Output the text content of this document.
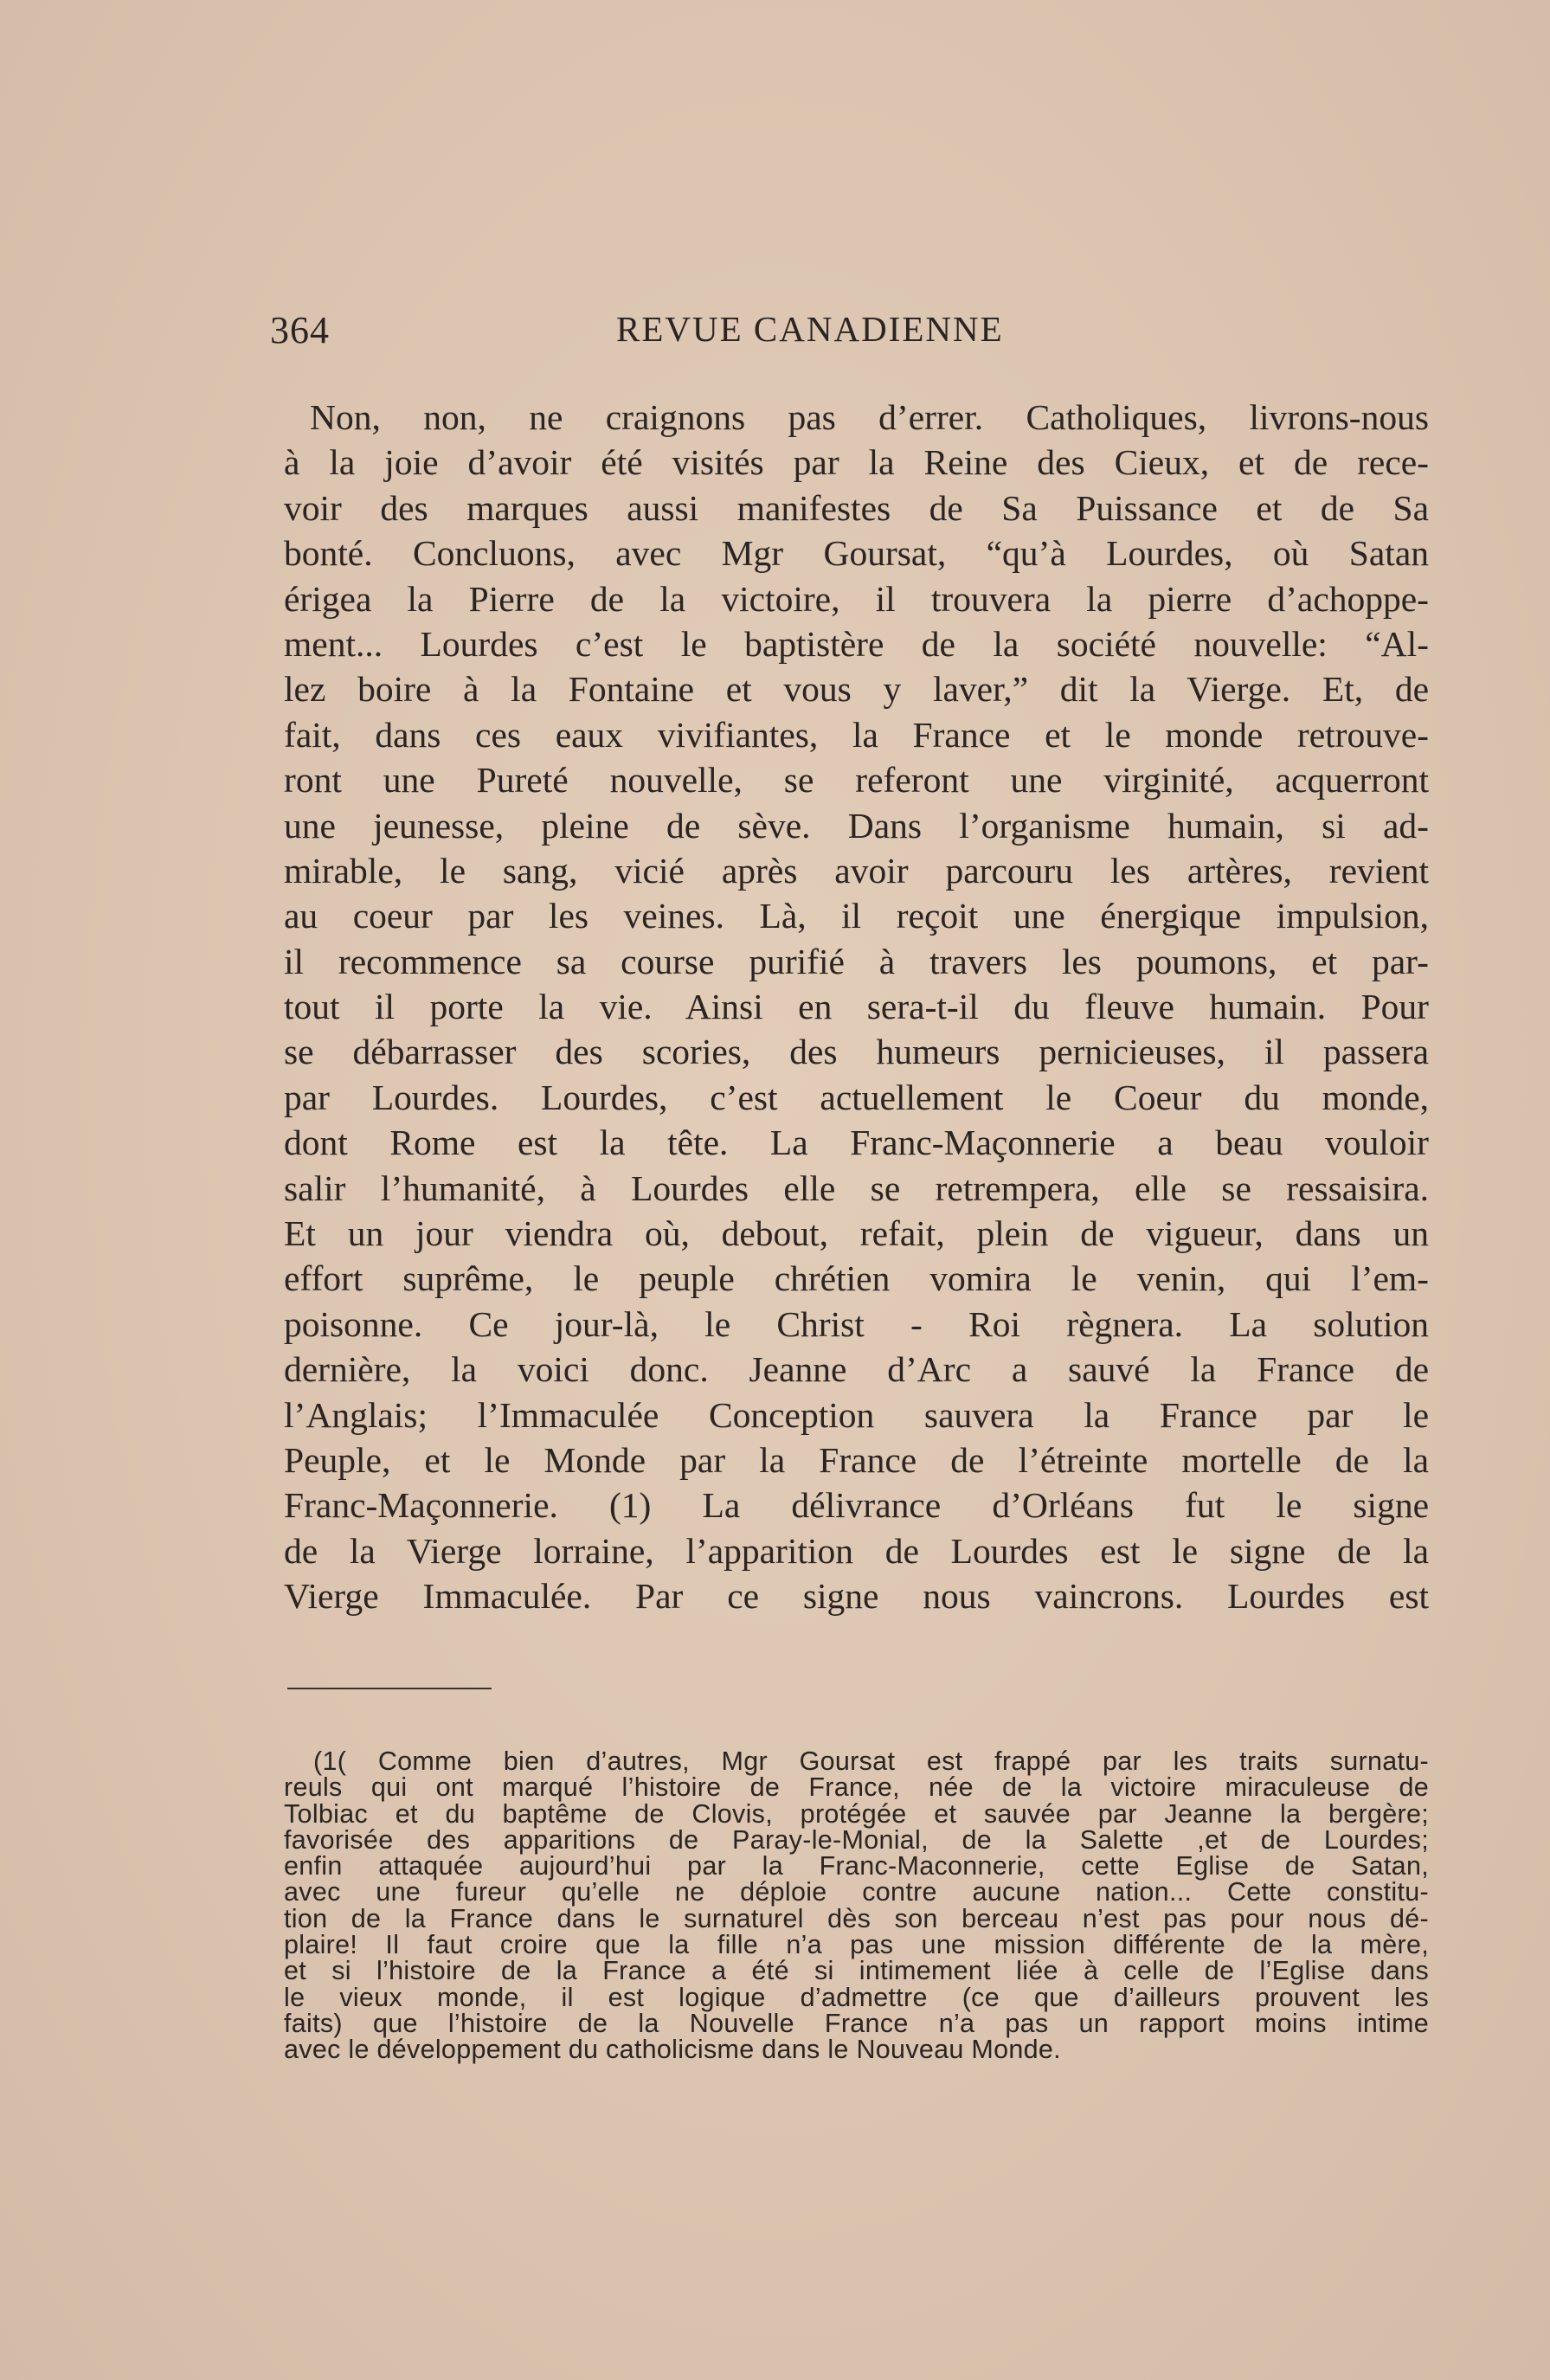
364	REVUE CANADIENNE
Non, non, ne craignons pas d’errer. Catholiques, livrons-nous
à la joie d’avoir été visités par la Reine des Cieux, et de rece-
voir des marques aussi manifestes de Sa Puissance et de Sa
bonté. Concluons, avec Mgr Goursat, “qu’à Lourdes, où Satan
érigea la Pierre de la victoire, il trouvera la pierre d’achoppe-
ment... Lourdes c’est le baptistère de la société nouvelle: “Al-
lez boire à la Fontaine et vous y laver,” dit la Vierge. Et, de
fait, dans ces eaux vivifiantes, la France et le monde retrouve-
ront une Pureté nouvelle, se referont une virginité, acquerront
une jeunesse, pleine de sève. Dans l’organisme humain, si ad-
mirable, le sang, vicié après avoir parcouru les artères, revient
au coeur par les veines. Là, il reçoit une énergique impulsion,
il recommence sa course purifié à travers les poumons, et par-
tout il porte la vie. Ainsi en sera-t-il du fleuve humain. Pour
se débarrasser des scories, des humeurs pernicieuses, il passera
par Lourdes. Lourdes, c’est actuellement le Coeur du monde,
dont Rome est la tête. La Franc-Maçonnerie a beau vouloir
salir l’humanité, à Lourdes elle se retrempera, elle se ressaisira.
Et un jour viendra où, debout, refait, plein de vigueur, dans un
effort suprême, le peuple chrétien vomira le venin, qui l’em-
poisonne. Ce jour-là, le Christ - Roi règnera. La solution
dernière, la voici donc. Jeanne d’Arc a sauvé la France de
l’Anglais; l’Immaculée Conception sauvera la France par le
Peuple, et le Monde par la France de l’étreinte mortelle de la
Franc-Maçonnerie. (1) La délivrance d’Orléans fut le signe
de la Vierge lorraine, l’apparition de Lourdes est le signe de la
Vierge Immaculée. Par ce signe nous vaincrons. Lourdes est
(1( Comme bien d’autres, Mgr Goursat est frappé par les traits surnatu-
reuls qui ont marqué l’histoire de France, née de la victoire miraculeuse de
Tolbiac et du baptême de Clovis, protégée et sauvée par Jeanne la bergère;
favorisée des apparitions de Paray-le-Monial, de la Salette ,et de Lourdes;
enfin attaquée aujourd’hui par la Franc-Maconnerie, cette Eglise de Satan,
avec une fureur qu’elle ne déploie contre aucune nation... Cette constitu-
tion de la France dans le surnaturel dès son berceau n’est pas pour nous dé-
plaire! Il faut croire que la fille n’a pas une mission différente de la mère,
et si l’histoire de la France a été si intimement liée à celle de l’Eglise dans
le vieux monde, il est logique d’admettre (ce que d’ailleurs prouvent les
faits) que l’histoire de la Nouvelle France n’a pas un rapport moins intime
avec le développement du catholicisme dans le Nouveau Monde.
